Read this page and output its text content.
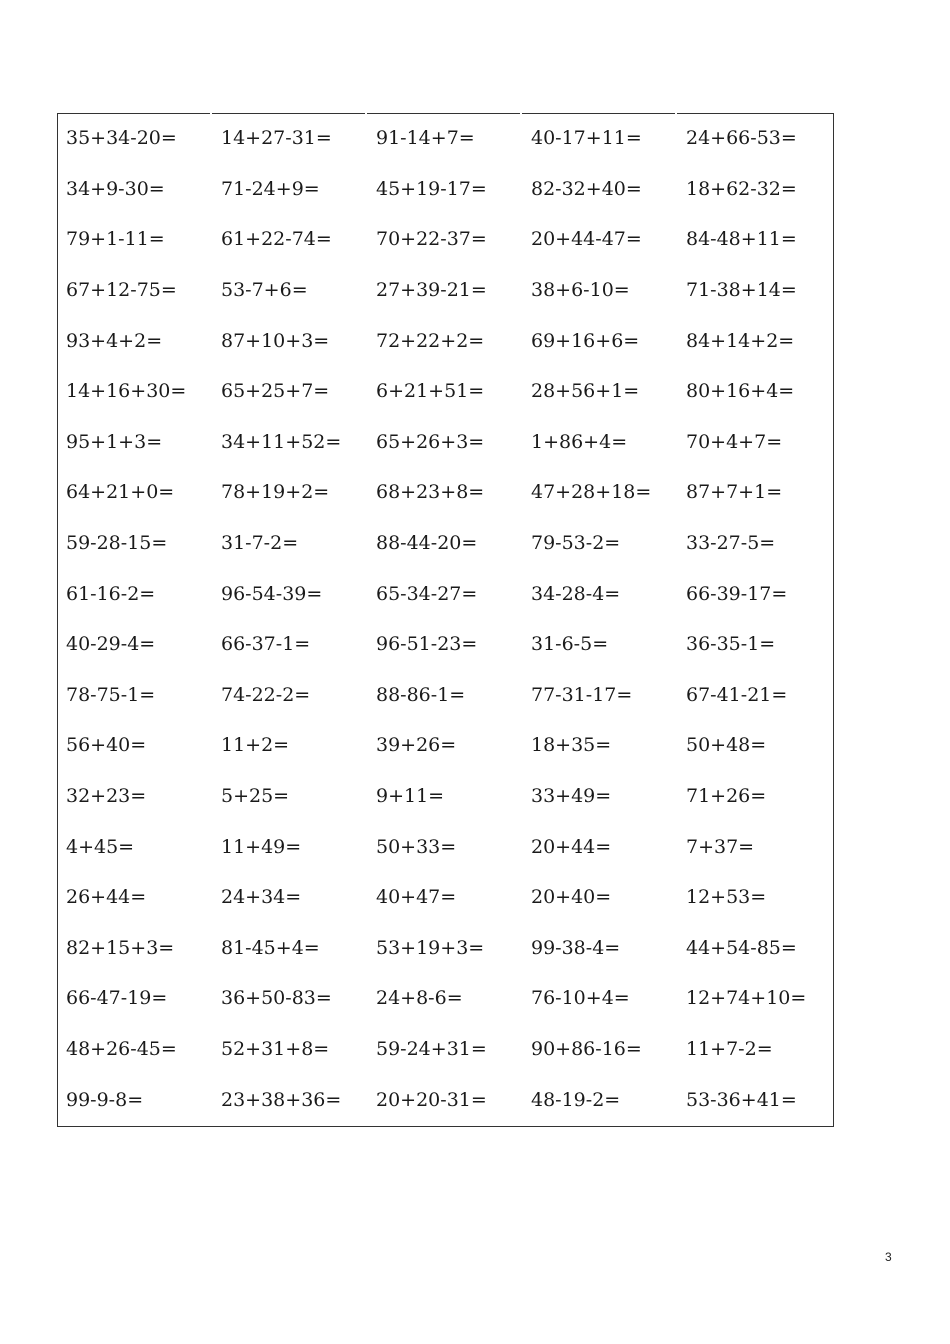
35+34-20=	14+27-31=	91-14+7=	40-17+11=	24+66-53=
34+9-30=	71-24+9=	45+19-17=	82-32+40=	18+62-32=
79+1-11=	61+22-74=	70+22-37=	20+44-47=	84-48+11=
67+12-75=	53-7+6=	27+39-21=	38+6-10=	71-38+14=
93+4+2=	87+10+3=	72+22+2=	69+16+6=	84+14+2=
14+16+30=	65+25+7=	6+21+51=	28+56+1=	80+16+4=
95+1+3=	34+11+52=	65+26+3=	1+86+4=	70+4+7=
64+21+0=	78+19+2=	68+23+8=	47+28+18=	87+7+1=
59-28-15=	31-7-2=	88-44-20=	79-53-2=	33-27-5=
61-16-2=	96-54-39=	65-34-27=	34-28-4=	66-39-17=
40-29-4=	66-37-1=	96-51-23=	31-6-5=	36-35-1=
78-75-1=	74-22-2=	88-86-1=	77-31-17=	67-41-21=
56+40=	11+2=	39+26=	18+35=	50+48=
32+23=	5+25=	9+11=	33+49=	71+26=
4+45=	11+49=	50+33=	20+44=	7+37=
26+44=	24+34=	40+47=	20+40=	12+53=
82+15+3=	81-45+4=	53+19+3=	99-38-4=	44+54-85=
66-47-19=	36+50-83=	24+8-6=	76-10+4=	12+74+10=
48+26-45=	52+31+8=	59-24+31=	90+86-16=	11+7-2=
99-9-8=	23+38+36=	20+20-31=	48-19-2=	53-36+41=
3
